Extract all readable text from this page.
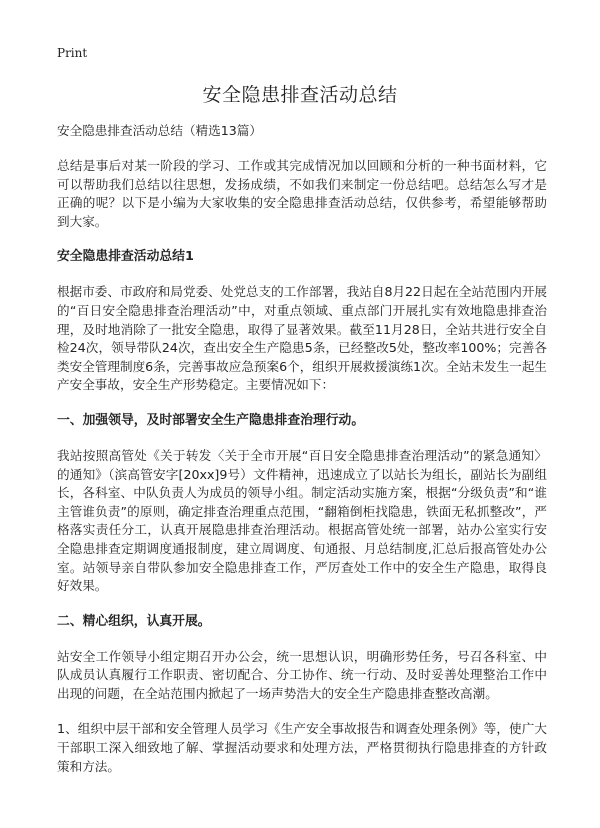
Print
安全隐患排查活动总结

安全隐患排查活动总结（精选13篇）

总结是事后对某一阶段的学习、工作或其完成情况加以回顾和分析的一种书面材料，它可以帮助我们总结以往思想，发扬成绩，不如我们来制定一份总结吧。总结怎么写才是正确的呢？以下是小编为大家收集的安全隐患排查活动总结，仅供参考，希望能够帮助到大家。

安全隐患排查活动总结1

根据市委、市政府和局党委、处党总支的工作部署，我站自8月22日起在全站范围内开展的“百日安全隐患排查治理活动”中，对重点领域、重点部门开展扎实有效地隐患排查治理，及时地消除了一批安全隐患，取得了显著效果。截至11月28日，全站共进行安全自检24次，领导带队24次，查出安全生产隐患5条，已经整改5处，整改率100%；完善各类安全管理制度6条，完善事故应急预案6个，组织开展救援演练1次。全站未发生一起生产安全事故，安全生产形势稳定。主要情况如下：

一、加强领导，及时部署安全生产隐患排查治理行动。

我站按照高管处《关于转发〈关于全市开展“百日安全隐患排查治理活动”的紧急通知〉的通知》（滨高管安字[20xx]9号）文件精神，迅速成立了以站长为组长，副站长为副组长，各科室、中队负责人为成员的领导小组。制定活动实施方案，根据“分级负责”和“谁主管谁负责”的原则，确定排查治理重点范围，“翻箱倒柜找隐患，铁面无私抓整改”，严格落实责任分工，认真开展隐患排查治理活动。根据高管处统一部署，站办公室实行安全隐患排查定期调度通报制度，建立周调度、旬通报、月总结制度,汇总后报高管处办公室。站领导亲自带队参加安全隐患排查工作，严厉查处工作中的安全生产隐患，取得良好效果。

二、精心组织，认真开展。

站安全工作领导小组定期召开办公会，统一思想认识，明确形势任务，号召各科室、中队成员认真履行工作职责、密切配合、分工协作、统一行动、及时妥善处理整治工作中出现的问题，在全站范围内掀起了一场声势浩大的安全生产隐患排查整改高潮。

1、组织中层干部和安全管理人员学习《生产安全事故报告和调查处理条例》等，使广大干部职工深入细致地了解、掌握活动要求和处理方法，严格贯彻执行隐患排查的方针政策和方法。
